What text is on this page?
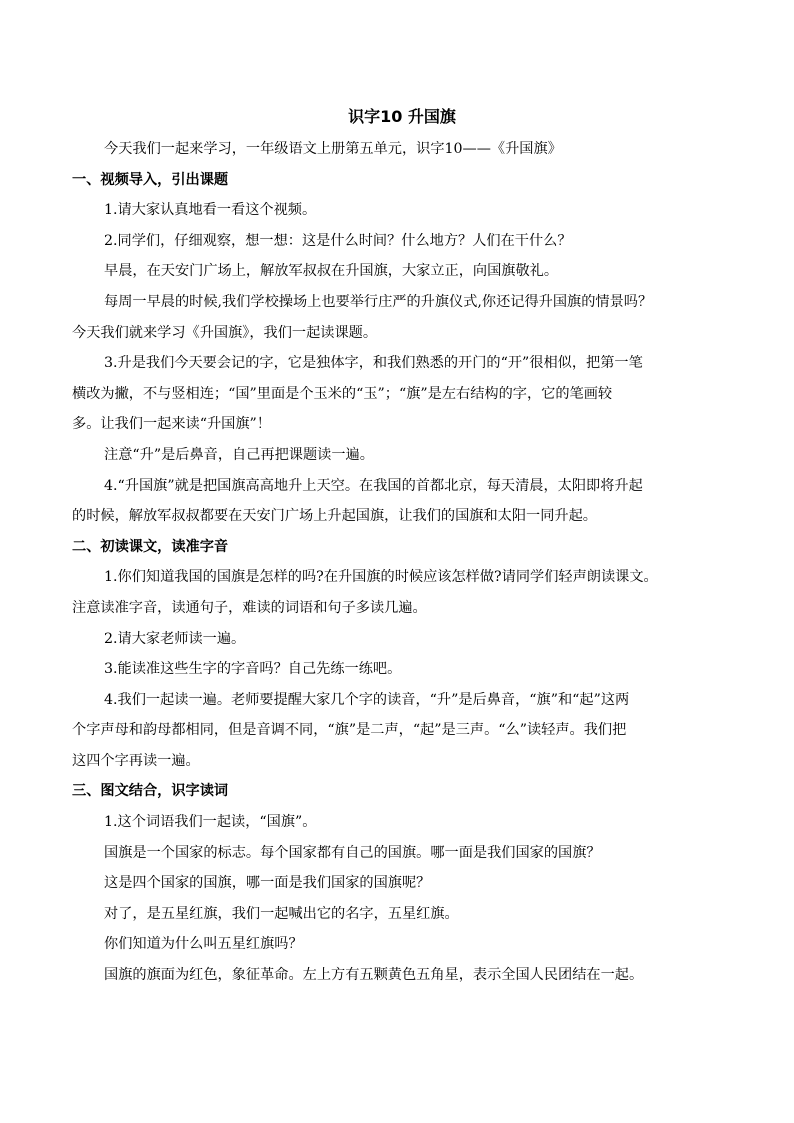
识字10 升国旗

今天我们一起来学习，一年级语文上册第五单元，识字10——《升国旗》

一、视频导入，引出课题

1.请大家认真地看一看这个视频。

2.同学们，仔细观察，想一想：这是什么时间？什么地方？人们在干什么？

早晨，在天安门广场上，解放军叔叔在升国旗，大家立正，向国旗敬礼。

每周一早晨的时候,我们学校操场上也要举行庄严的升旗仪式,你还记得升国旗的情景吗？

今天我们就来学习《升国旗》，我们一起读课题。

3.升是我们今天要会记的字，它是独体字，和我们熟悉的开门的“开”很相似，把第一笔

横改为撇，不与竖相连；“国”里面是个玉米的“玉”；“旗”是左右结构的字，它的笔画较

多。让我们一起来读“升国旗”！

注意“升”是后鼻音，自己再把课题读一遍。

4.“升国旗”就是把国旗高高地升上天空。在我国的首都北京，每天清晨，太阳即将升起

的时候，解放军叔叔都要在天安门广场上升起国旗，让我们的国旗和太阳一同升起。

二、初读课文，读准字音

1.你们知道我国的国旗是怎样的吗?在升国旗的时候应该怎样做?请同学们轻声朗读课文。

注意读准字音，读通句子，难读的词语和句子多读几遍。

2.请大家老师读一遍。

3.能读准这些生字的字音吗？自己先练一练吧。

4.我们一起读一遍。老师要提醒大家几个字的读音，“升”是后鼻音，“旗”和“起”这两

个字声母和韵母都相同，但是音调不同，“旗”是二声，“起”是三声。“么”读轻声。我们把

这四个字再读一遍。

三、图文结合，识字读词

1.这个词语我们一起读，“国旗”。

国旗是一个国家的标志。每个国家都有自己的国旗。哪一面是我们国家的国旗？

这是四个国家的国旗，哪一面是我们国家的国旗呢？

对了，是五星红旗，我们一起喊出它的名字，五星红旗。

你们知道为什么叫五星红旗吗？

国旗的旗面为红色，象征革命。左上方有五颗黄色五角星，表示全国人民团结在一起。
